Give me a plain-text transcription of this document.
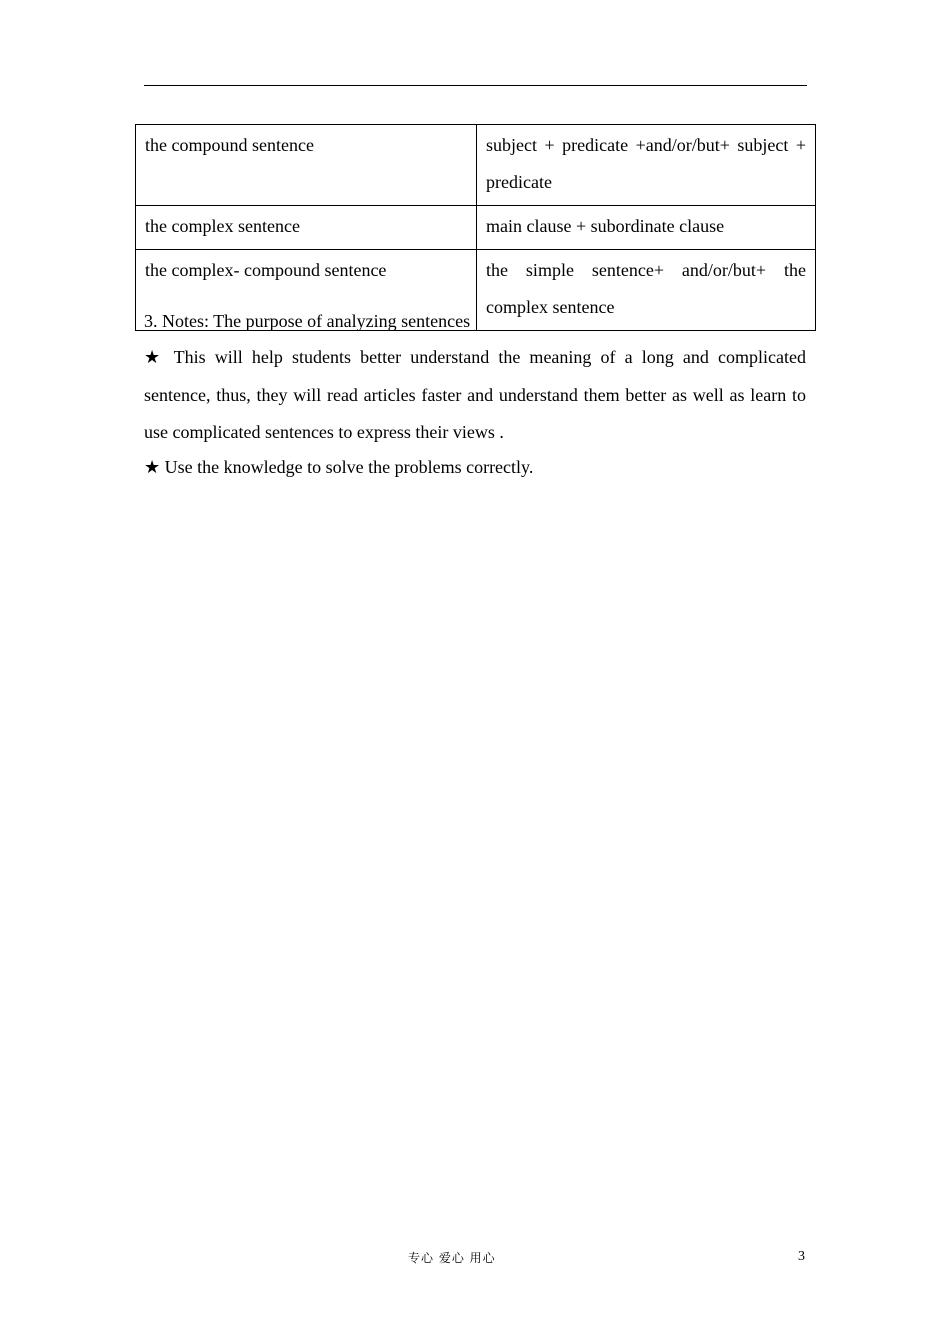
the compound sentence	subject + predicate +and/or/but+ subject + predicate
the complex sentence	main clause + subordinate clause
the complex- compound sentence	the simple sentence+ and/or/but+ the complex sentence

3. Notes: The purpose of analyzing sentences

★ This will help students better understand the meaning of a long and complicated sentence, thus, they will read articles faster and understand them better as well as learn to use complicated sentences to express their views .

★ Use the knowledge to solve the problems correctly.

专心 爱心 用心	3
